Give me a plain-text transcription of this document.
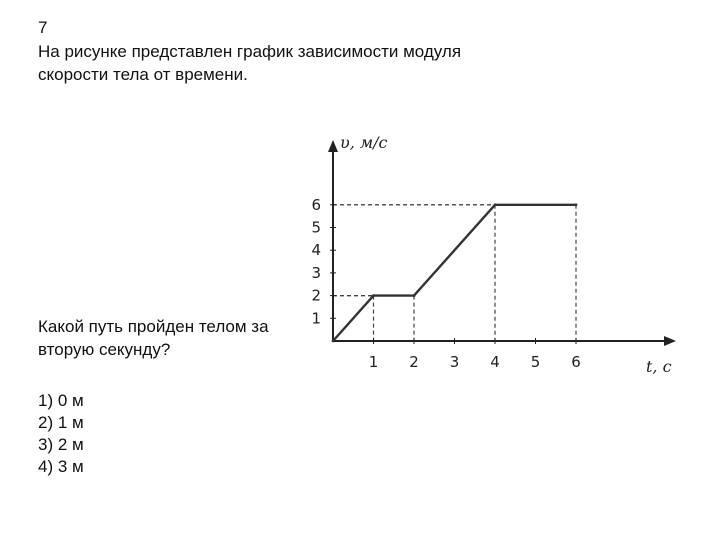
7
На рисунке представлен график зависимости модуля
скорости тела от времени.
Какой путь пройден телом за
вторую секунду?
1) 0 м
2) 1 м
3) 2 м
4) 3 м
1 2 3 4 5 6
1
2
3
4
5
6
υ, м/с
t, с
